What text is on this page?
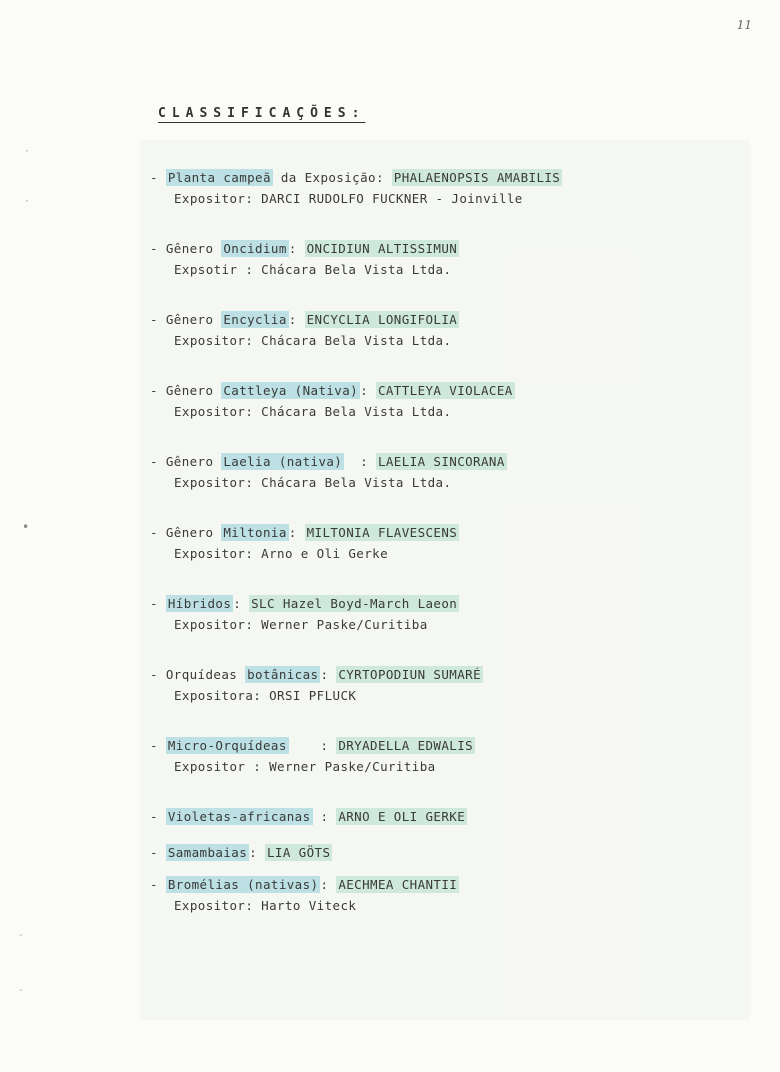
11
·
·
•
-
-
CLASSIFICAÇÕES:
- Planta campeã da Exposição: PHALAENOPSIS AMABILIS
Expositor: DARCI RUDOLFO FUCKNER - Joinville
- Gênero Oncidium : ONCIDIUN ALTISSIMUN
Expsotir : Chácara Bela Vista Ltda.
- Gênero Encyclia : ENCYCLIA LONGIFOLIA
Expositor: Chácara Bela Vista Ltda.
- Gênero Cattleya (Nativa) : CATTLEYA VIOLACEA
Expositor: Chácara Bela Vista Ltda.
- Gênero Laelia (nativa)  : LAELIA SINCORANA
Expositor: Chácara Bela Vista Ltda.
- Gênero Miltonia : MILTONIA FLAVESCENS
Expositor: Arno e Oli Gerke
- Híbridos : SLC Hazel Boyd-March Laeon
Expositor: Werner Paske/Curitiba
- Orquídeas botânicas : CYRTOPODIUN SUMARÉ
Expositora: ORSI PFLUCK
- Micro-Orquídeas    : DRYADELLA EDWALIS
Expositor : Werner Paske/Curitiba
- Violetas-africanas : ARNO E OLI GERKE
- Samambaias : LIA GÖTS
- Bromélias (nativas) : AECHMEA CHANTII
Expositor: Harto Viteck
